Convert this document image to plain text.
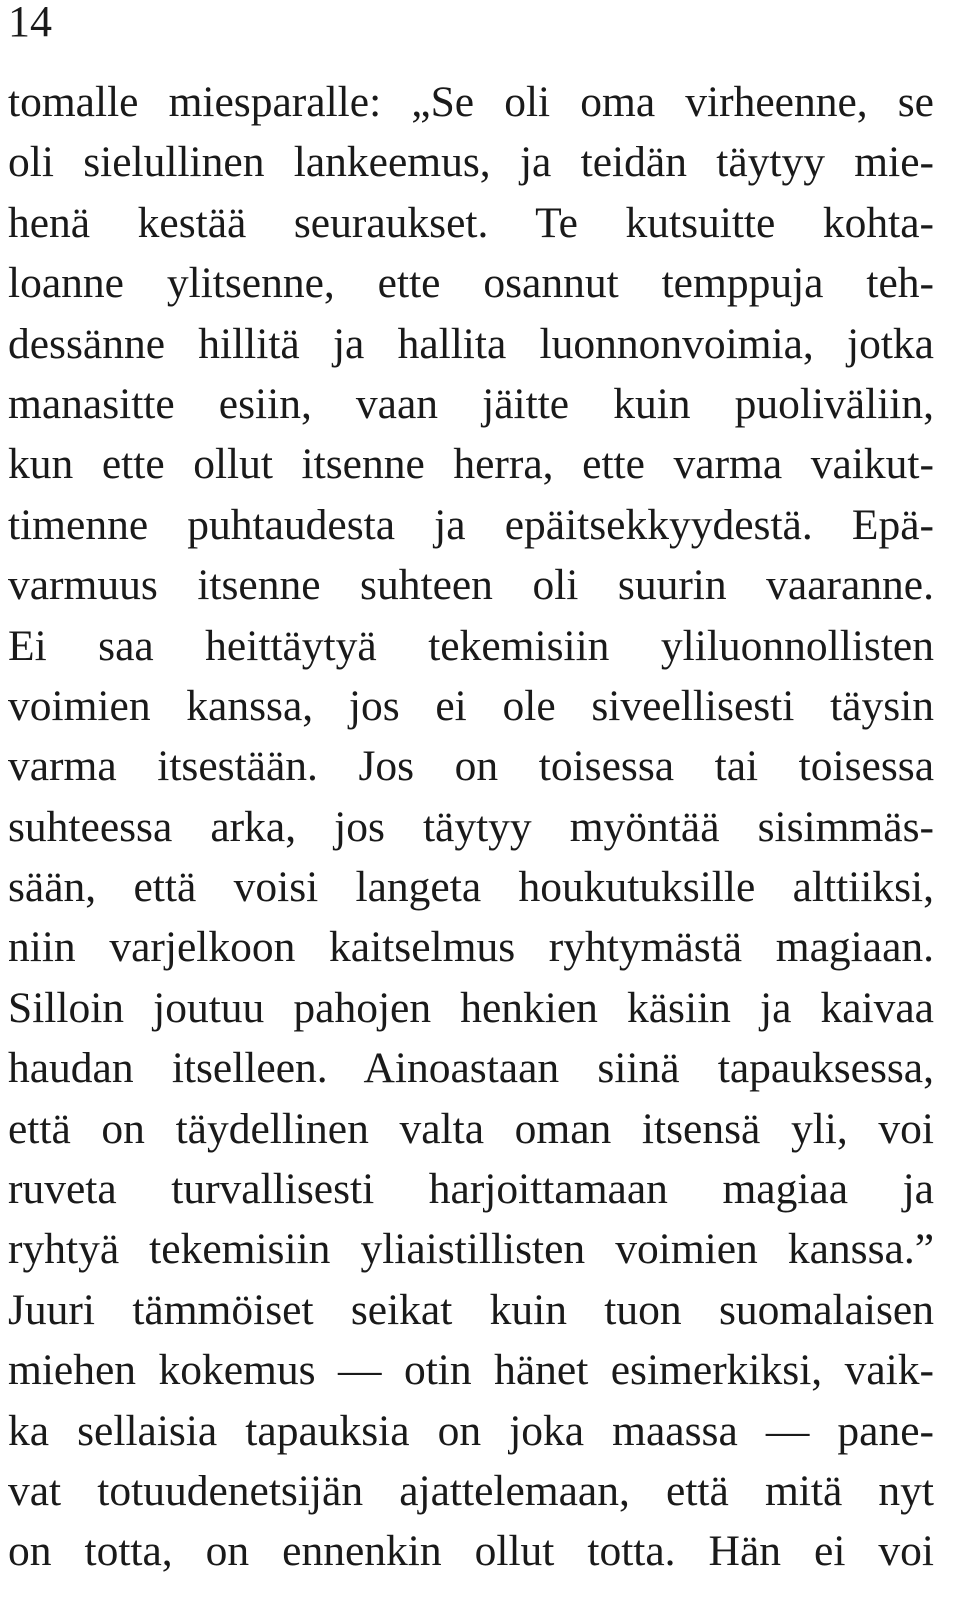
14
tomalle miesparalle: „Se oli oma virheenne, se
oli sielullinen lankeemus, ja teidän täytyy mie-
henä kestää seuraukset. Te kutsuitte kohta-
loanne ylitsenne, ette osannut temppuja teh-
dessänne hillitä ja hallita luonnonvoimia, jotka
manasitte esiin, vaan jäitte kuin puoliväliin,
kun ette ollut itsenne herra, ette varma vaikut-
timenne puhtaudesta ja epäitsekkyydestä. Epä-
varmuus itsenne suhteen oli suurin vaaranne.
Ei saa heittäytyä tekemisiin yliluonnollisten
voimien kanssa, jos ei ole siveellisesti täysin
varma itsestään. Jos on toisessa tai toisessa
suhteessa arka, jos täytyy myöntää sisimmäs-
sään, että voisi langeta houkutuksille alttiiksi,
niin varjelkoon kaitselmus ryhtymästä magiaan.
Silloin joutuu pahojen henkien käsiin ja kaivaa
haudan itselleen. Ainoastaan siinä tapauksessa,
että on täydellinen valta oman itsensä yli, voi
ruveta turvallisesti harjoittamaan magiaa ja
ryhtyä tekemisiin yliaistillisten voimien kanssa.”
Juuri tämmöiset seikat kuin tuon suomalaisen
miehen kokemus — otin hänet esimerkiksi, vaik-
ka sellaisia tapauksia on joka maassa — pane-
vat totuudenetsijän ajattelemaan, että mitä nyt
on totta, on ennenkin ollut totta. Hän ei voi
